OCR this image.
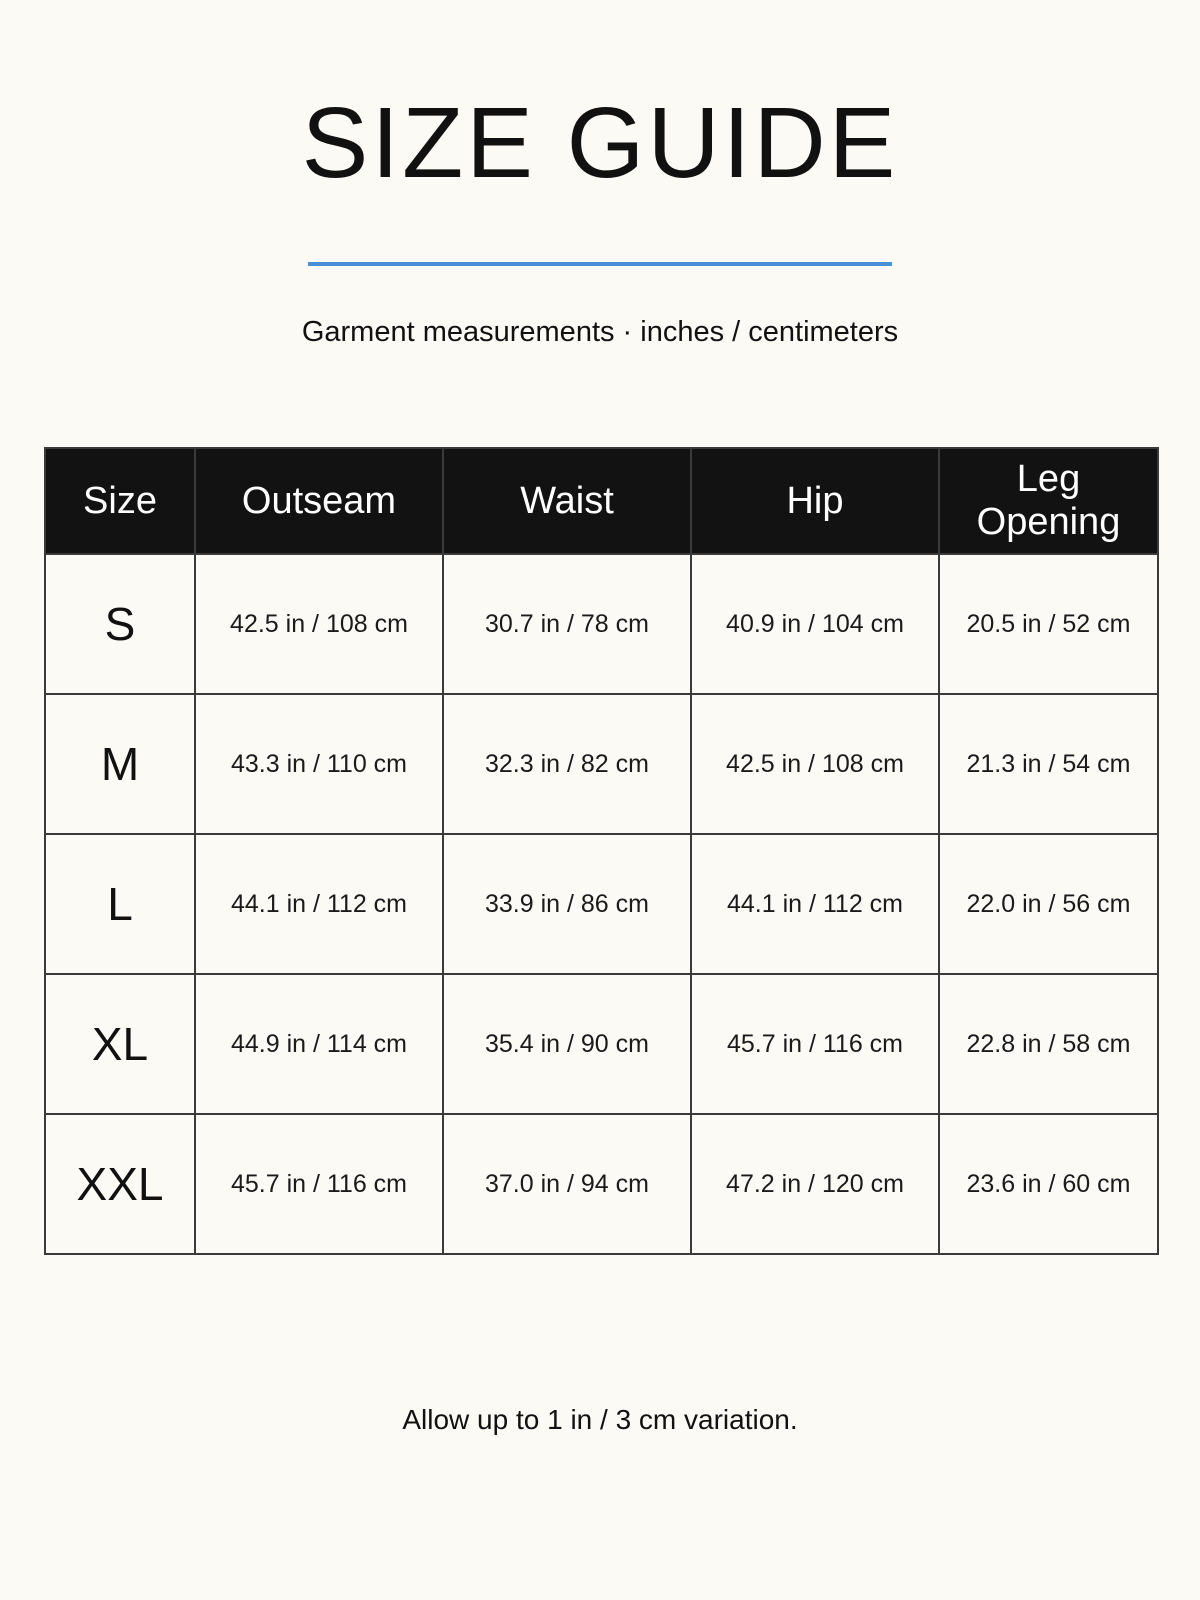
SIZE GUIDE
Garment measurements · inches / centimeters
Size	Outseam	Waist	Hip	Leg
Opening
S	42.5 in / 108 cm	30.7 in / 78 cm	40.9 in / 104 cm	20.5 in / 52 cm
M	43.3 in / 110 cm	32.3 in / 82 cm	42.5 in / 108 cm	21.3 in / 54 cm
L	44.1 in / 112 cm	33.9 in / 86 cm	44.1 in / 112 cm	22.0 in / 56 cm
XL	44.9 in / 114 cm	35.4 in / 90 cm	45.7 in / 116 cm	22.8 in / 58 cm
XXL	45.7 in / 116 cm	37.0 in / 94 cm	47.2 in / 120 cm	23.6 in / 60 cm
Allow up to 1 in / 3 cm variation.
